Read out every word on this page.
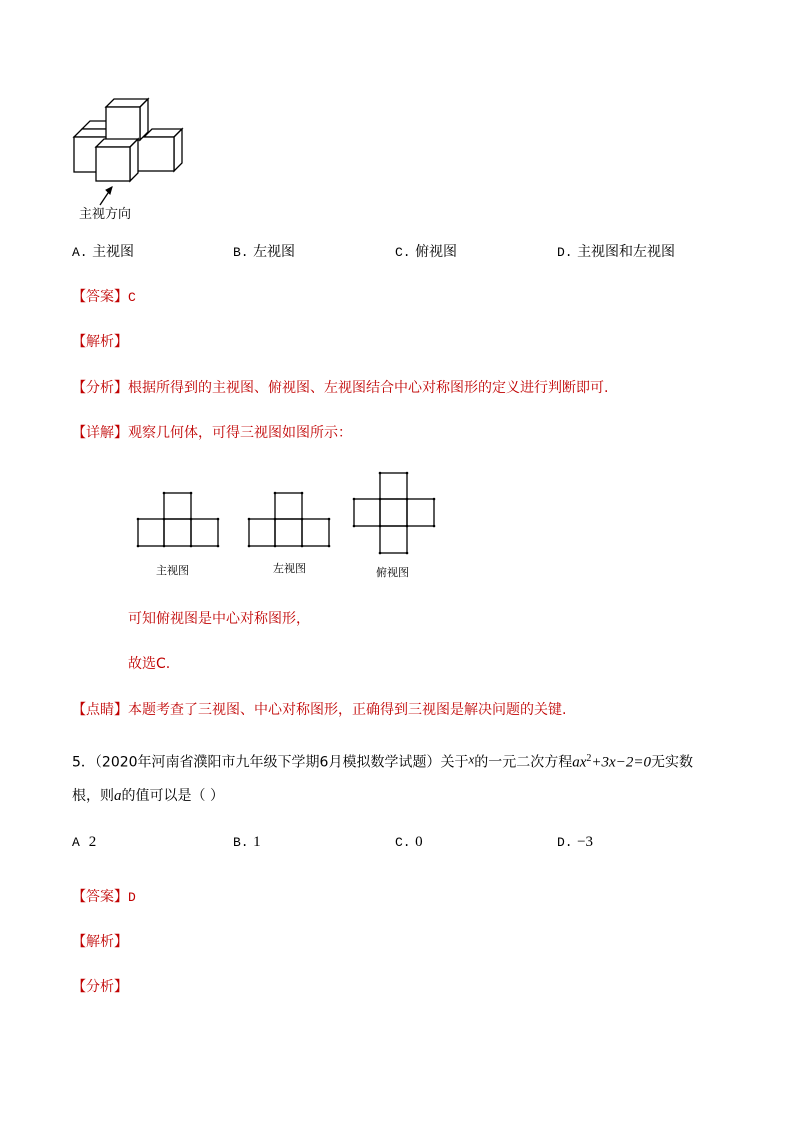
主视方向
A. 主视图	B. 左视图	C. 俯视图	D. 主视图和左视图
【答案】C
【解析】
【分析】根据所得到的主视图、俯视图、左视图结合中心对称图形的定义进行判断即可.
【详解】观察几何体，可得三视图如图所示：
主视图	左视图	俯视图
可知俯视图是中心对称图形，
故选C.
【点睛】本题考查了三视图、中心对称图形，正确得到三视图是解决问题的关键.
5．（2020年河南省濮阳市九年级下学期6月模拟数学试题）关于x的一元二次方程$ax^2+3x-2=0$无实数
根，则a的值可以是（ ）
A 2	B. 1	C. 0	D. −3
【答案】D
【解析】
【分析】
